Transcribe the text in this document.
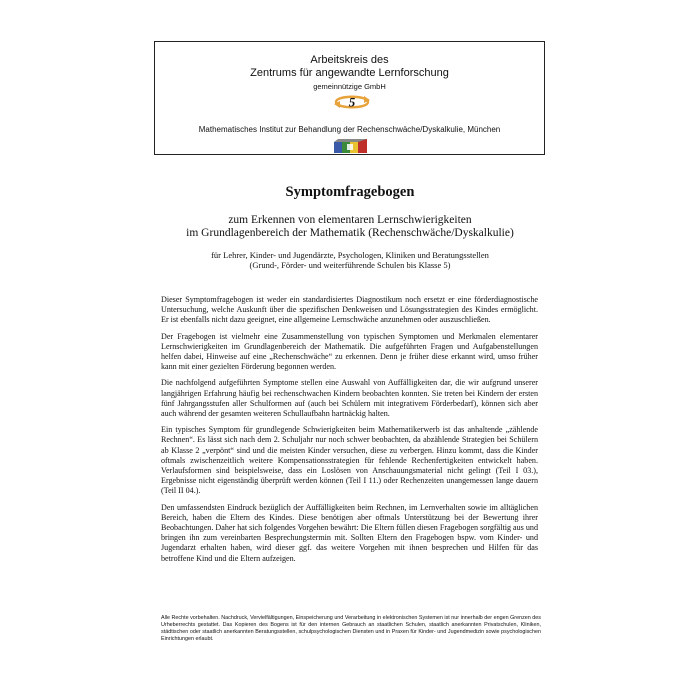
Arbeitskreis des
Zentrums für angewandte Lernforschung
gemeinnützige GmbH
5
Mathematisches Institut zur Behandlung der Rechenschwäche/Dyskalkulie, München
Symptomfragebogen
zum Erkennen von elementaren Lernschwierigkeiten
im Grundlagenbereich der Mathematik (Rechenschwäche/Dyskalkulie)
für Lehrer, Kinder- und Jugendärzte, Psychologen, Kliniken und Beratungsstellen
(Grund-, Förder- und weiterführende Schulen bis Klasse 5)

Dieser Symptomfragebogen ist weder ein standardisiertes Diagnostikum noch ersetzt er eine förderdiagnostische Untersuchung, welche Auskunft über die spezifischen Denkweisen und Lösungsstrategien des Kindes ermöglicht. Er ist ebenfalls nicht dazu geeignet, eine allgemeine Lernschwäche anzunehmen oder auszuschließen.

Der Fragebogen ist vielmehr eine Zusammenstellung von typischen Symptomen und Merkmalen elementarer Lernschwierigkeiten im Grundlagenbereich der Mathematik. Die aufgeführten Fragen und Aufgabenstellungen helfen dabei, Hinweise auf eine „Rechenschwäche“ zu erkennen. Denn je früher diese erkannt wird, umso früher kann mit einer gezielten Förderung begonnen werden.

Die nachfolgend aufgeführten Symptome stellen eine Auswahl von Auffälligkeiten dar, die wir aufgrund unserer langjährigen Erfahrung häufig bei rechenschwachen Kindern beobachten konnten. Sie treten bei Kindern der ersten fünf Jahrgangsstufen aller Schulformen auf (auch bei Schülern mit integrativem Förderbedarf), können sich aber auch während der gesamten weiteren Schullaufbahn hartnäckig halten.

Ein typisches Symptom für grundlegende Schwierigkeiten beim Mathematikerwerb ist das anhaltende „zählende Rechnen“. Es lässt sich nach dem 2. Schuljahr nur noch schwer beobachten, da abzählende Strategien bei Schülern ab Klasse 2 „verpönt“ sind und die meisten Kinder versuchen, diese zu verbergen. Hinzu kommt, dass die Kinder oftmals zwischenzeitlich weitere Kompensationsstrategien für fehlende Rechenfertigkeiten entwickelt haben. Verlaufsformen sind beispielsweise, dass ein Loslösen von Anschauungsmaterial nicht gelingt (Teil I 03.), Ergebnisse nicht eigenständig überprüft werden können (Teil I 11.) oder Rechenzeiten unangemessen lange dauern (Teil II 04.).

Den umfassendsten Eindruck bezüglich der Auffälligkeiten beim Rechnen, im Lernverhalten sowie im alltäglichen Bereich, haben die Eltern des Kindes. Diese benötigen aber oftmals Unterstützung bei der Bewertung ihrer Beobachtungen. Daher hat sich folgendes Vorgehen bewährt: Die Eltern füllen diesen Fragebogen sorgfältig aus und bringen ihn zum vereinbarten Besprechungstermin mit. Sollten Eltern den Fragebogen bspw. vom Kinder- und Jugendarzt erhalten haben, wird dieser ggf. das weitere Vorgehen mit ihnen besprechen und Hilfen für das betroffene Kind und die Eltern aufzeigen.

Alle Rechte vorbehalten. Nachdruck, Vervielfältigungen, Einspeicherung und Verarbeitung in elektronischen Systemen ist nur innerhalb der engen Grenzen des Urheberrechts gestattet. Das Kopieren des Bogens ist für den internen Gebrauch an staatlichen Schulen, staatlich anerkannten Privatschulen, Kliniken, städtischen oder staatlich anerkannten Beratungsstellen, schulpsychologischen Diensten und in Praxen für Kinder- und Jugendmedizin sowie psychologischen Einrichtungen erlaubt.
